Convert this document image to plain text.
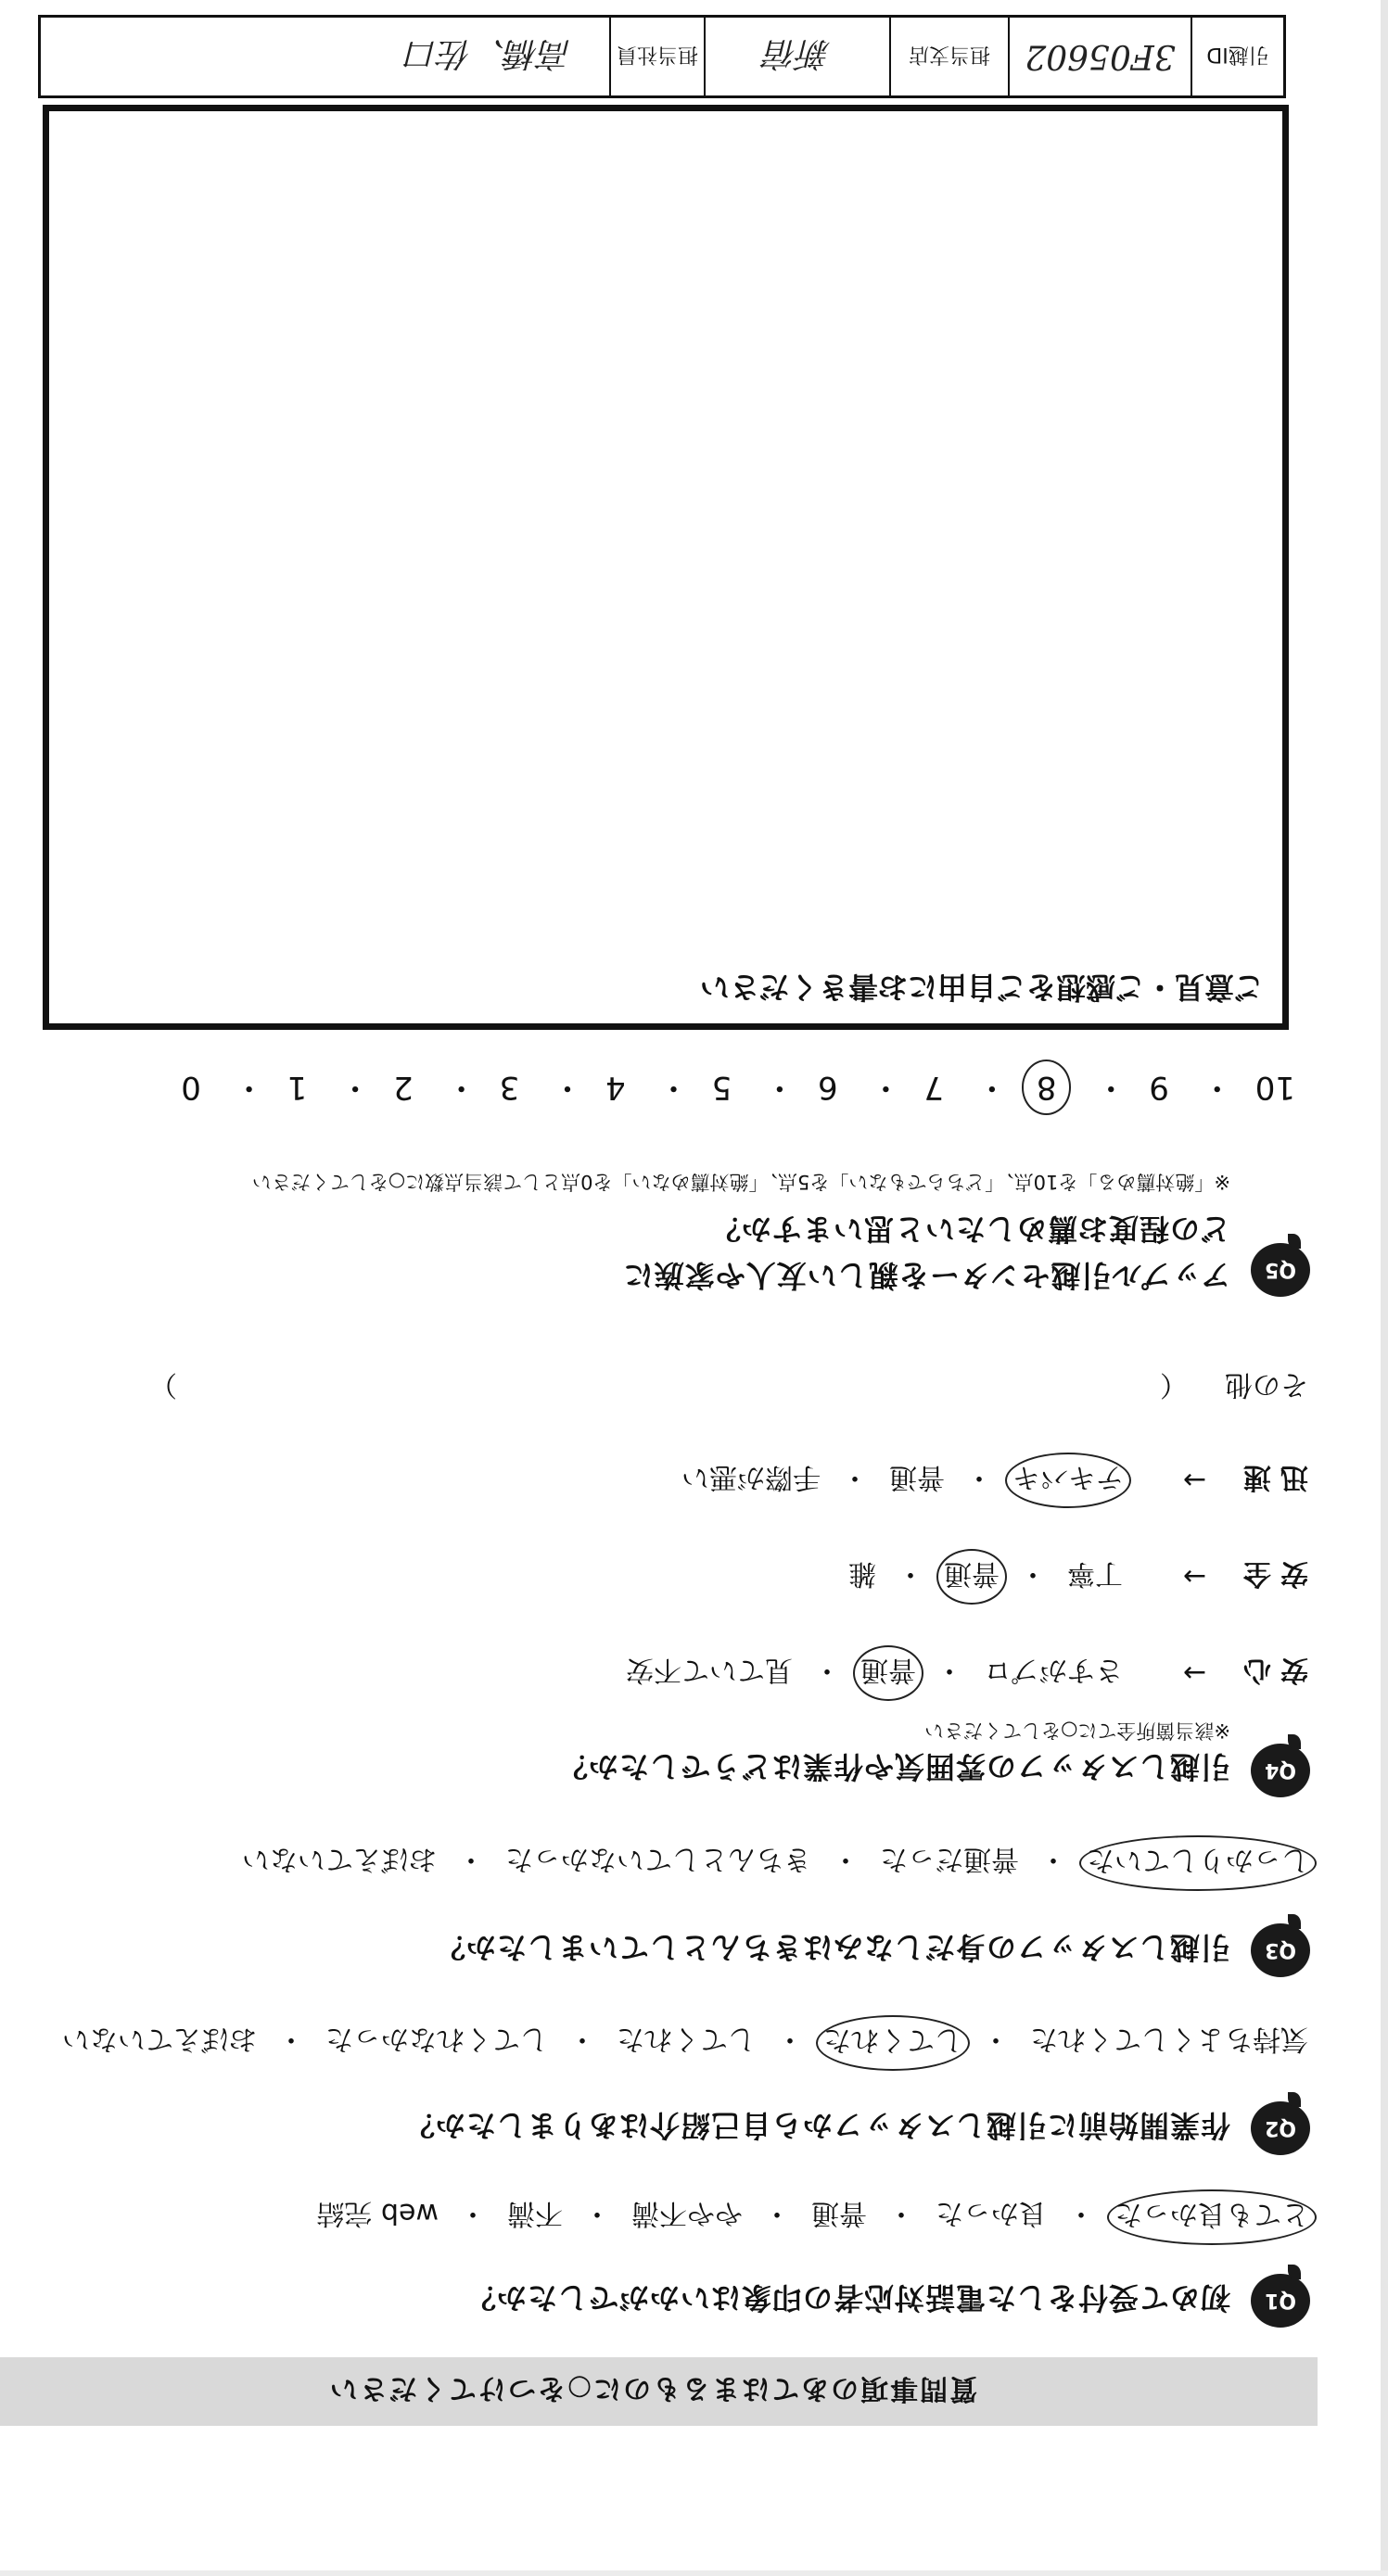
質問事項のあてはまるものに○をつけてください
Q1
初めて受付をした電話対応者の印象はいかがでしたか？
とても良かった
・
良かった
・
普通
・
やや不満
・
不満
・
web 完結
Q2
作業開始前に引越しスタッフから自己紹介はありましたか？
気持ちよくしてくれた
・
してくれた
・
してくれた
・
してくれなかった
・
おぼえていない
Q3
引越しスタッフの身だしなみはきちんとしていましたか？
しっかりしていた
・
普通だった
・
きちんとしていなかった
・
おぼえていない
Q4
引越しスタッフの雰囲気や作業はどうでしたか？
※該当箇所全てに○をしてください
安心
→
さすがプロ
・
普通
・
見ていて不安
安全
→
丁寧
・
普通
・
雑
迅速
→
テキパキ
・
普通
・
手際が悪い
その他
（
）
Q5
アップル引越センターを親しい友人や家族に
どの程度お薦めしたいと思いますか？
※「絶対薦める」を10点、「どちらでもない」を5点、「絶対薦めない」を0点として該当点数に○をしてください
10・ 9・ 8・ 7・ 6・ 5・ 4・ 3・ 2・ 1・ 0
ご意見・ご感想をご自由にお書きください
引越ID
3F05602
担当支店
新宿
担当社員
高橋、佐口
